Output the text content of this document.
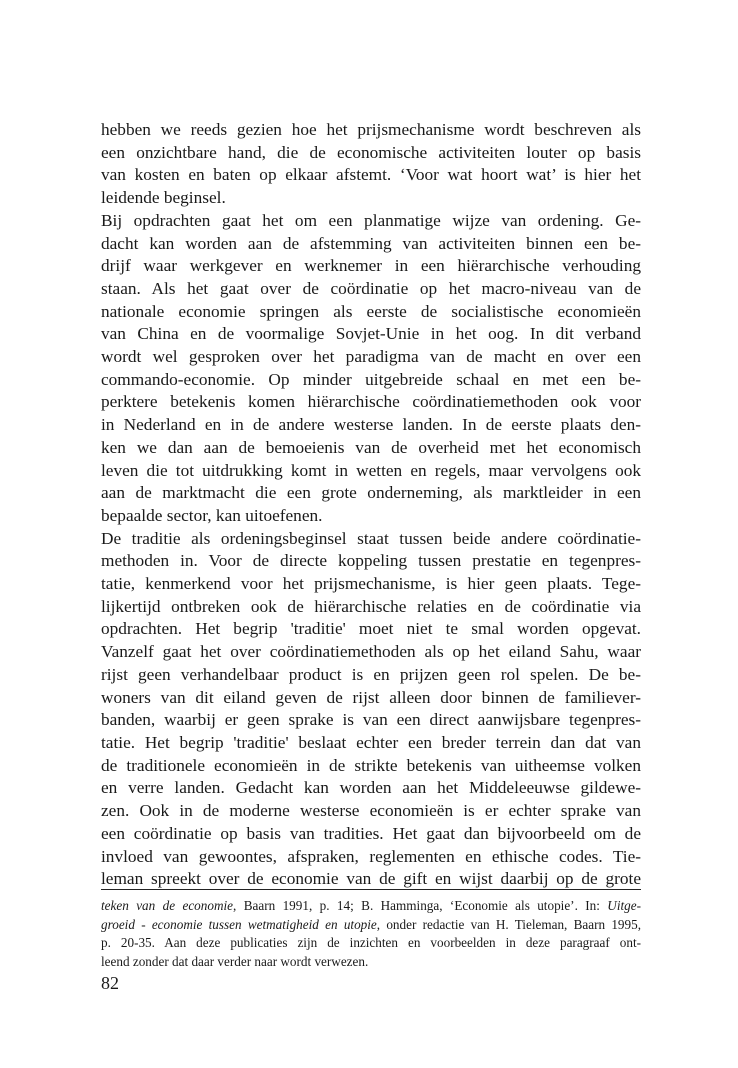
hebben we reeds gezien hoe het prijsmechanisme wordt beschreven als
een onzichtbare hand, die de economische activiteiten louter op basis
van kosten en baten op elkaar afstemt. ‘Voor wat hoort wat’ is hier het
leidende beginsel.
Bij opdrachten gaat het om een planmatige wijze van ordening. Ge-
dacht kan worden aan de afstemming van activiteiten binnen een be-
drijf waar werkgever en werknemer in een hiërarchische verhouding
staan. Als het gaat over de coördinatie op het macro-niveau van de
nationale economie springen als eerste de socialistische economieën
van China en de voormalige Sovjet-Unie in het oog. In dit verband
wordt wel gesproken over het paradigma van de macht en over een
commando-economie. Op minder uitgebreide schaal en met een be-
perktere betekenis komen hiërarchische coördinatiemethoden ook voor
in Nederland en in de andere westerse landen. In de eerste plaats den-
ken we dan aan de bemoeienis van de overheid met het economisch
leven die tot uitdrukking komt in wetten en regels, maar vervolgens ook
aan de marktmacht die een grote onderneming, als marktleider in een
bepaalde sector, kan uitoefenen.
De traditie als ordeningsbeginsel staat tussen beide andere coördinatie-
methoden in. Voor de directe koppeling tussen prestatie en tegenpres-
tatie, kenmerkend voor het prijsmechanisme, is hier geen plaats. Tege-
lijkertijd ontbreken ook de hiërarchische relaties en de coördinatie via
opdrachten. Het begrip 'traditie' moet niet te smal worden opgevat.
Vanzelf gaat het over coördinatiemethoden als op het eiland Sahu, waar
rijst geen verhandelbaar product is en prijzen geen rol spelen. De be-
woners van dit eiland geven de rijst alleen door binnen de familiever-
banden, waarbij er geen sprake is van een direct aanwijsbare tegenpres-
tatie. Het begrip 'traditie' beslaat echter een breder terrein dan dat van
de traditionele economieën in de strikte betekenis van uitheemse volken
en verre landen. Gedacht kan worden aan het Middeleeuwse gildewe-
zen. Ook in de moderne westerse economieën is er echter sprake van
een coördinatie op basis van tradities. Het gaat dan bijvoorbeeld om de
invloed van gewoontes, afspraken, reglementen en ethische codes. Tie-
leman spreekt over de economie van de gift en wijst daarbij op de grote
teken van de economie, Baarn 1991, p. 14; B. Hamminga, ‘Economie als utopie’. In: Uitge-
groeid - economie tussen wetmatigheid en utopie, onder redactie van H. Tieleman, Baarn 1995,
p. 20-35. Aan deze publicaties zijn de inzichten en voorbeelden in deze paragraaf ont-
leend zonder dat daar verder naar wordt verwezen.
82
